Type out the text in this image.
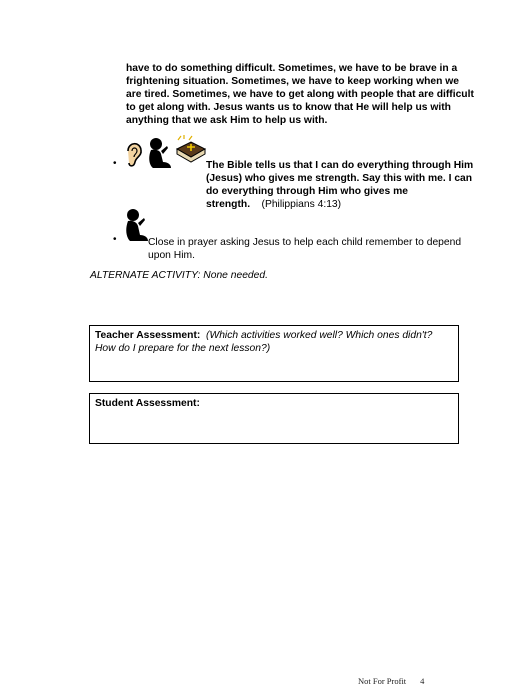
have to do something difficult. Sometimes, we have to be brave in a frightening situation. Sometimes, we have to keep working when we are tired. Sometimes, we have to get along with people that are difficult to get along with. Jesus wants us to know that He will help us with anything that we ask Him to help us with.
•	The Bible tells us that I can do everything through Him (Jesus) who gives me strength. Say this with me. I can do everything through Him who gives me strength. (Philippians 4:13)
•	Close in prayer asking Jesus to help each child remember to depend upon Him.
ALTERNATE ACTIVITY: None needed.
Teacher Assessment: (Which activities worked well? Which ones didn't? How do I prepare for the next lesson?)
Student Assessment:
Not For Profit 4
